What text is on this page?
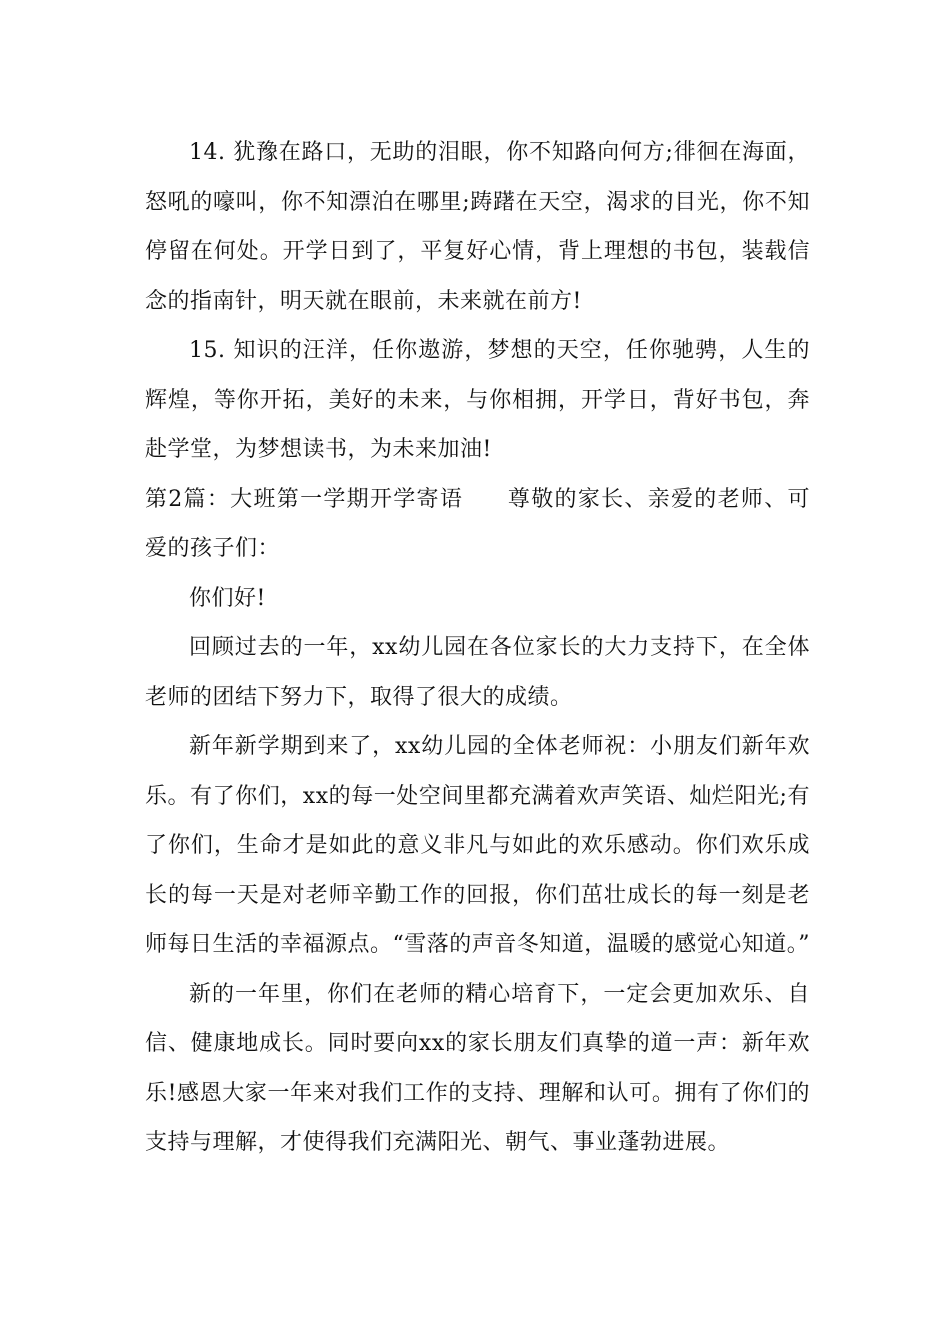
14. 犹豫在路口，无助的泪眼，你不知路向何方;徘徊在海面，怒吼的嚎叫，你不知漂泊在哪里;踌躇在天空，渴求的目光，你不知停留在何处。开学日到了，平复好心情，背上理想的书包，装载信念的指南针，明天就在眼前，未来就在前方!

15. 知识的汪洋，任你遨游，梦想的天空，任你驰骋，人生的辉煌，等你开拓，美好的未来，与你相拥，开学日，背好书包，奔赴学堂，为梦想读书，为未来加油!

第2篇：大班第一学期开学寄语 尊敬的家长、亲爱的老师、可爱的孩子们：

你们好!

回顾过去的一年，xx幼儿园在各位家长的大力支持下，在全体老师的团结下努力下，取得了很大的成绩。

新年新学期到来了，xx幼儿园的全体老师祝：小朋友们新年欢乐。有了你们，xx的每一处空间里都充满着欢声笑语、灿烂阳光;有了你们，生命才是如此的意义非凡与如此的欢乐感动。你们欢乐成长的每一天是对老师辛勤工作的回报，你们茁壮成长的每一刻是老师每日生活的幸福源点。“雪落的声音冬知道，温暖的感觉心知道。”

新的一年里，你们在老师的精心培育下，一定会更加欢乐、自信、健康地成长。同时要向xx的家长朋友们真挚的道一声：新年欢乐!感恩大家一年来对我们工作的支持、理解和认可。拥有了你们的支持与理解，才使得我们充满阳光、朝气、事业蓬勃进展。
